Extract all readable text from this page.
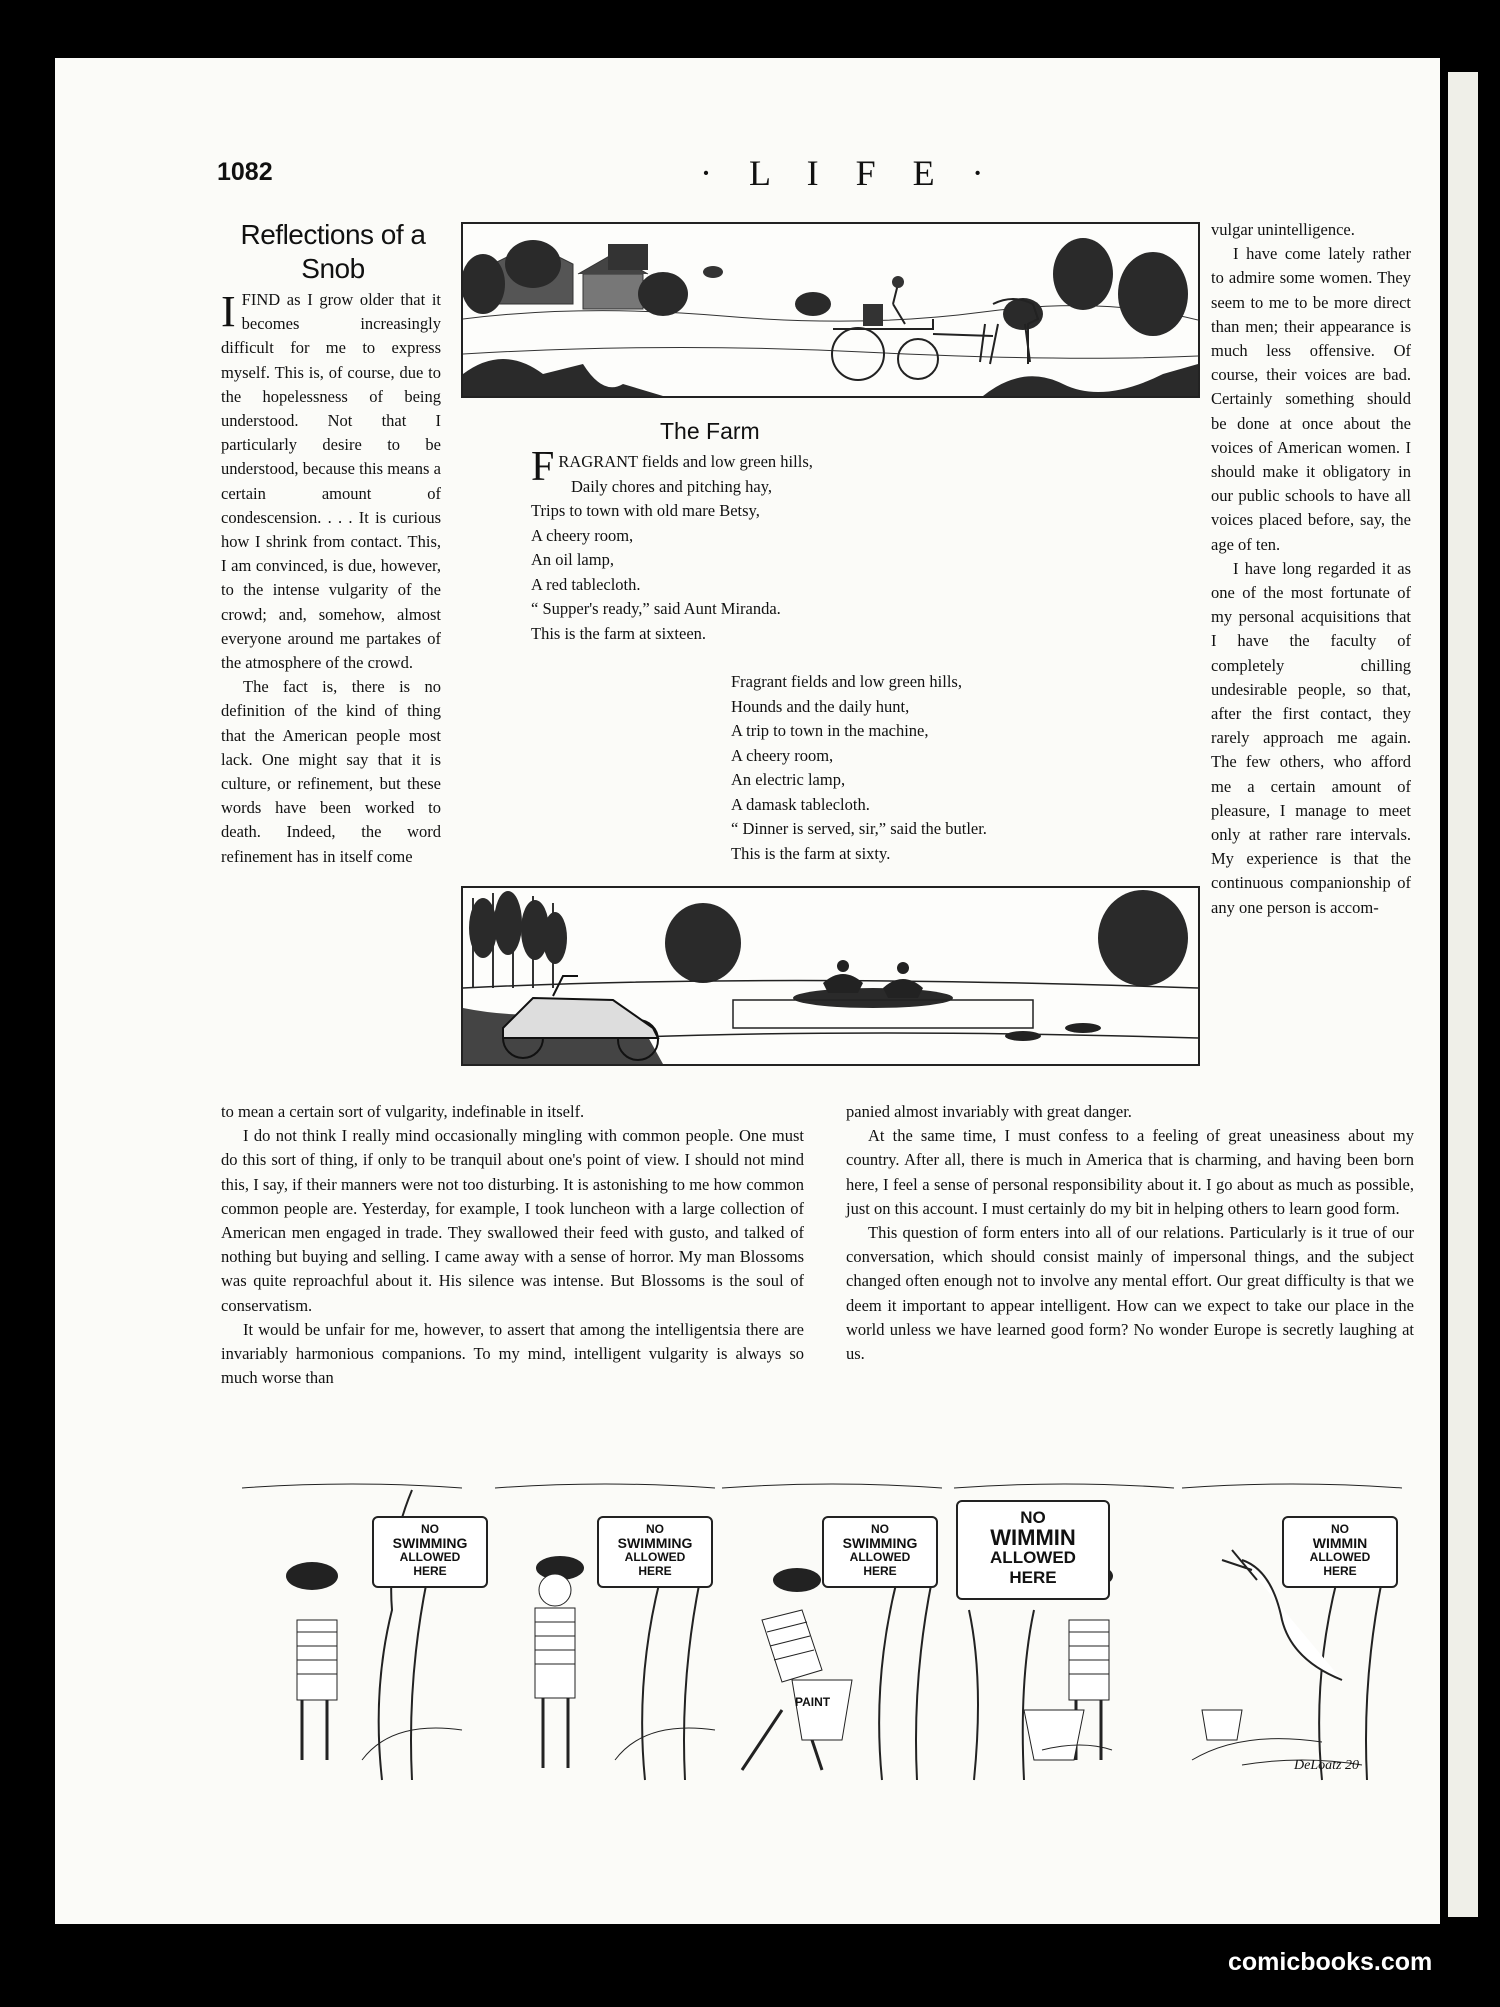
1082	· L I F E ·
Reflections of a
Snob

IFIND as I grow older that it becomes increasingly difficult for me to express myself. This is, of course, due to the hopelessness of being understood. Not that I particularly desire to be understood, because this means a certain amount of condescension. . . . It is curious how I shrink from contact. This, I am convinced, is due, however, to the intense vulgarity of the crowd; and, somehow, almost everyone around me partakes of the atmosphere of the crowd.

The fact is, there is no definition of the kind of thing that the American people most lack. One might say that it is culture, or refinement, but these words have been worked to death. Indeed, the word refinement has in itself come

vulgar unintelligence.

I have come lately rather to admire some women. They seem to me to be more direct than men; their appearance is much less offensive. Of course, their voices are bad. Certainly something should be done at once about the voices of American women. I should make it obligatory in our public schools to have all voices placed before, say, the age of ten.

I have long regarded it as one of the most fortunate of my personal acquisitions that I have the faculty of completely chilling undesirable people, so that, after the first contact, they rarely approach me again. The few others, who afford me a certain amount of pleasure, I manage to meet only at rather rare intervals. My experience is that the continuous companionship of any one person is accom-

The Farm
FRAGRANT fields and low green hills,
Daily chores and pitching hay,
Trips to town with old mare Betsy,
A cheery room,
An oil lamp,
A red tablecloth.
“ Supper's ready,” said Aunt Miranda.
This is the farm at sixteen.
Fragrant fields and low green hills,
Hounds and the daily hunt,
A trip to town in the machine,
A cheery room,
An electric lamp,
A damask tablecloth.
“ Dinner is served, sir,” said the butler.
This is the farm at sixty.

to mean a certain sort of vulgarity, indefinable in itself.

I do not think I really mind occasionally mingling with common people. One must do this sort of thing, if only to be tranquil about one's point of view. I should not mind this, I say, if their manners were not too disturbing. It is astonishing to me how common common people are. Yesterday, for example, I took luncheon with a large collection of American men engaged in trade. They swallowed their feed with gusto, and talked of nothing but buying and selling. I came away with a sense of horror. My man Blossoms was quite reproachful about it. His silence was intense. But Blossoms is the soul of conservatism.

It would be unfair for me, however, to assert that among the intelligentsia there are invariably harmonious companions. To my mind, intelligent vulgarity is always so much worse than

panied almost invariably with great danger.

At the same time, I must confess to a feeling of great uneasiness about my country. After all, there is much in America that is charming, and having been born here, I feel a sense of personal responsibility about it. I go about as much as possible, just on this account. I must certainly do my bit in helping others to learn good form.

This question of form enters into all of our relations. Particularly is it true of our conversation, which should consist mainly of impersonal things, and the subject changed often enough not to involve any mental effort. Our great difficulty is that we deem it important to appear intelligent. How can we expect to take our place in the world unless we have learned good form? No wonder Europe is secretly laughing at us.

NO
SWIMMING
ALLOWED
HERE
NO
SWIMMING
ALLOWED
HERE
NO
SWIMMING
ALLOWED
HERE
NO
WIMMIN
ALLOWED
HERE
NO
WIMMIN
ALLOWED
HERE
PAINT
DeLoatz 20
comicbooks.com
